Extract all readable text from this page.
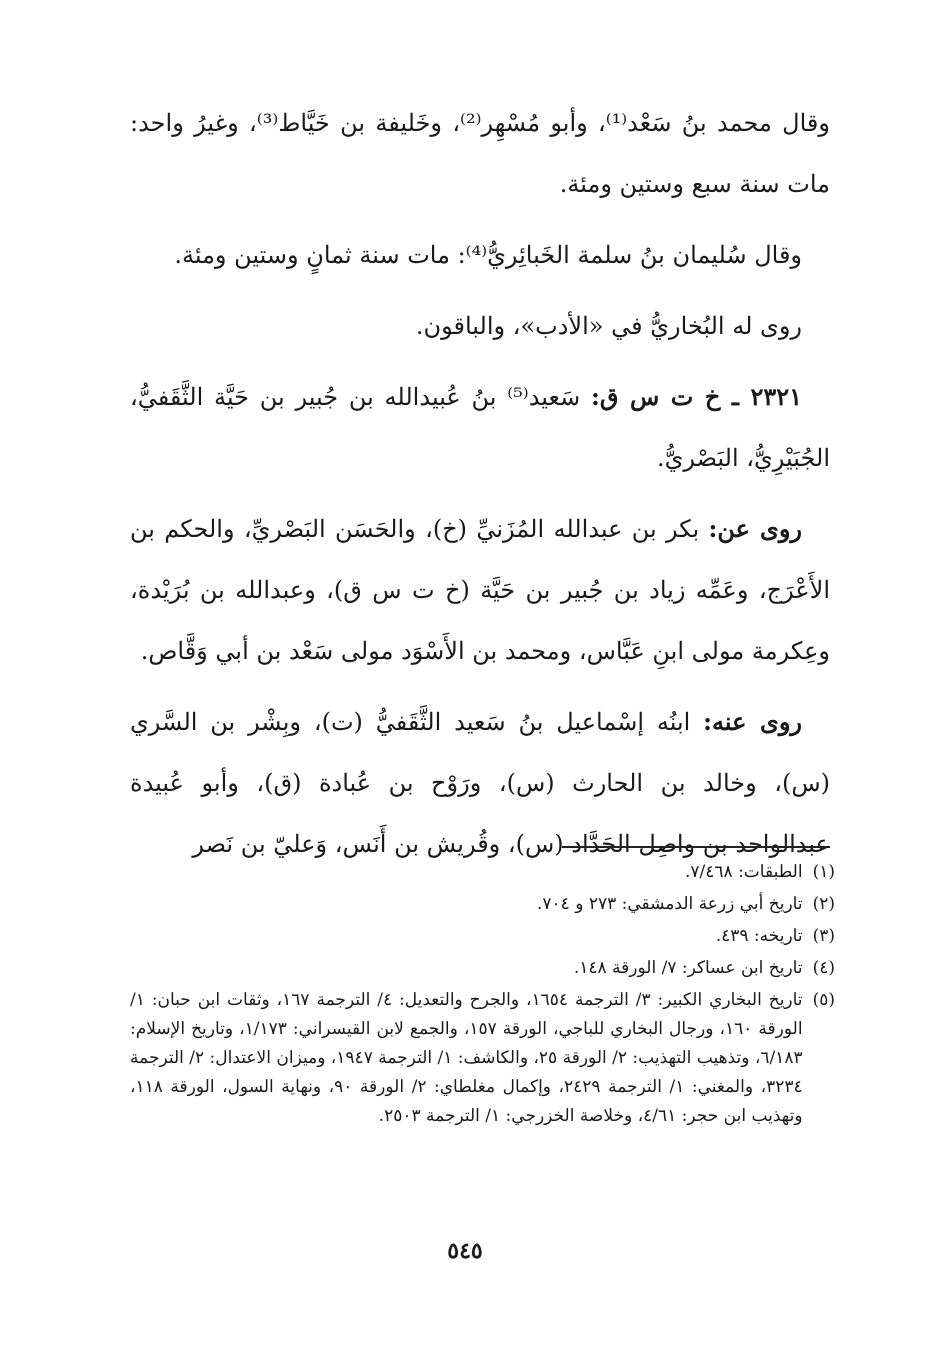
وقال محمد بنُ سَعْد⁽¹⁾، وأبو مُسْهِر⁽²⁾، وخَليفة بن خَيَّاط⁽³⁾، وغيرُ واحد: مات سنة سبع وستين ومئة.

وقال سُليمان بنُ سلمة الخَبائِريُّ⁽⁴⁾: مات سنة ثمانٍ وستين ومئة.

روى له البُخاريُّ في «الأدب»، والباقون.

٢٣٢١ ـ خ ت س ق: سَعيد⁽⁵⁾ بنُ عُبيدالله بن جُبير بن حَيَّة الثَّقَفيُّ، الجُبَيْرِيُّ، البَصْريُّ.

روى عن: بكر بن عبدالله المُزَنيِّ (خ)، والحَسَن البَصْريِّ، والحكم بن الأَعْرَج، وعَمِّه زياد بن جُبير بن حَيَّة (خ ت س ق)، وعبدالله بن بُرَيْدة، وعِكرمة مولى ابنِ عَبَّاس، ومحمد بن الأَسْوَد مولى سَعْد بن أبي وَقَّاص.

روى عنه: ابنُه إسْماعيل بنُ سَعيد الثَّقَفيُّ (ت)، وبِشْر بن السَّري (س)، وخالد بن الحارث (س)، ورَوْح بن عُبادة (ق)، وأبو عُبيدة عبدالواحد بن واصِل الحَدَّاد (س)، وقُريش بن أَنَس، وَعليّ بن نَصر

(١)
الطبقات: ٧/٤٦٨.
(٢)
تاريخ أبي زرعة الدمشقي: ٢٧٣ و ٧٠٤.
(٣)
تاريخه: ٤٣٩.
(٤)
تاريخ ابن عساكر: ٧/ الورقة ١٤٨.
(٥)
تاريخ البخاري الكبير: ٣/ الترجمة ١٦٥٤، والجرح والتعديل: ٤/ الترجمة ١٦٧، وثقات ابن حبان: ١/ الورقة ١٦٠، ورجال البخاري للباجي، الورقة ١٥٧، والجمع لابن القيسراني: ١/١٧٣، وتاريخ الإسلام: ٦/١٨٣، وتذهيب التهذيب: ٢/ الورقة ٢٥، والكاشف: ١/ الترجمة ١٩٤٧، وميزان الاعتدال: ٢/ الترجمة ٣٢٣٤، والمغني: ١/ الترجمة ٢٤٢٩، وإكمال مغلطاي: ٢/ الورقة ٩٠، ونهاية السول، الورقة ١١٨، وتهذيب ابن حجر: ٤/٦١، وخلاصة الخزرجي: ١/ الترجمة ٢٥٠٣.
٥٤٥
